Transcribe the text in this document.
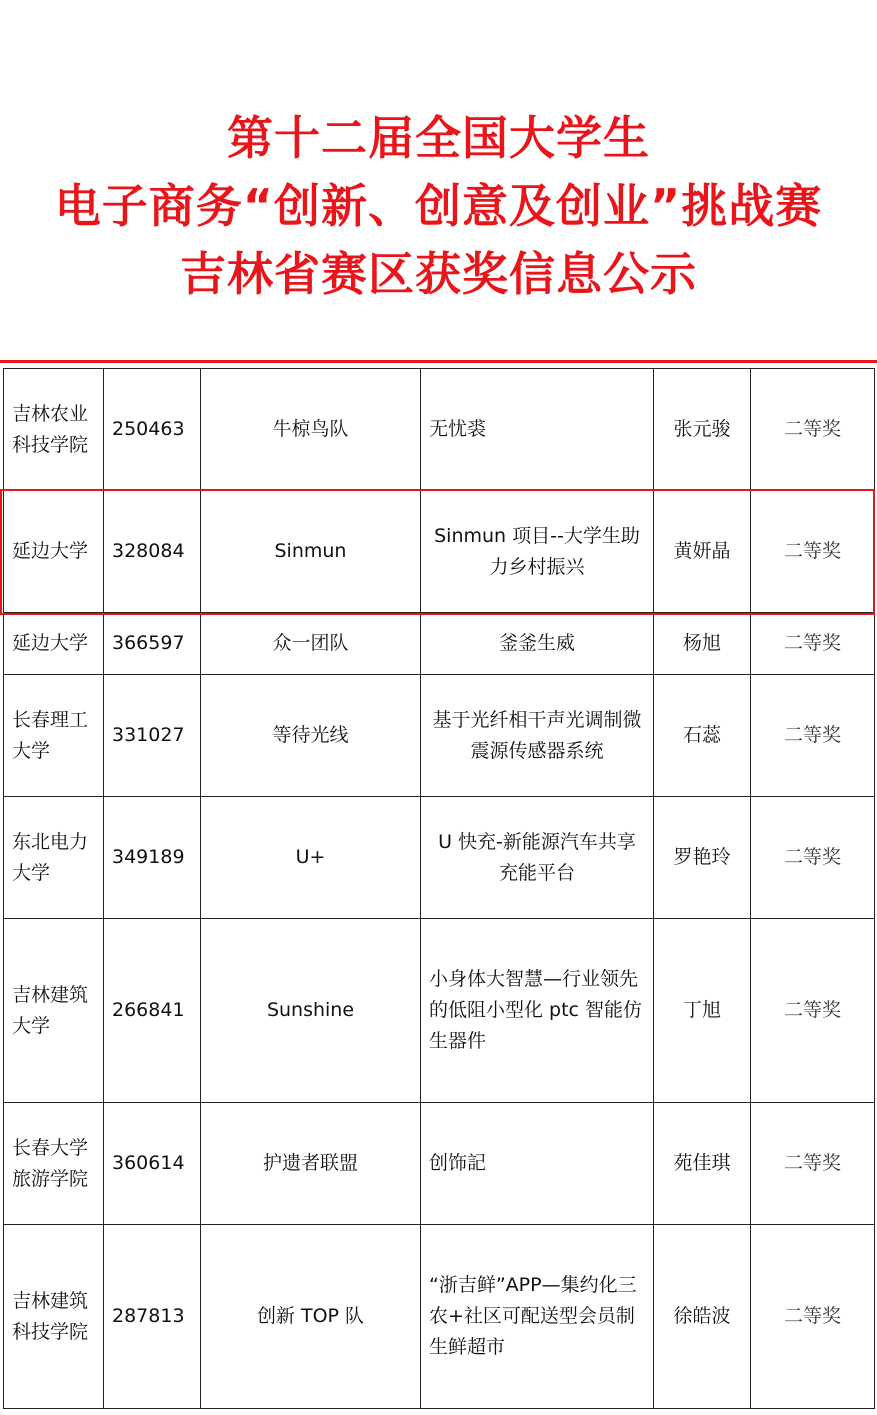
第十二届全国大学生
电子商务“创新、创意及创业”挑战赛
吉林省赛区获奖信息公示
吉林农业科技学院	250463	牛椋鸟队	无忧裘	张元骏	二等奖
延边大学	328084	Sinmun	Sinmun 项目--大学生助力乡村振兴	黄妍晶	二等奖
延边大学	366597	众一团队	釜釜生威	杨旭	二等奖
长春理工大学	331027	等待光线	基于光纤相干声光调制微震源传感器系统	石蕊	二等奖
东北电力大学	349189	U+	U 快充-新能源汽车共享充能平台	罗艳玲	二等奖
吉林建筑大学	266841	Sunshine	小身体大智慧—行业领先的低阻小型化 ptc 智能仿生器件	丁旭	二等奖
长春大学旅游学院	360614	护遗者联盟	创饰記	苑佳琪	二等奖
吉林建筑科技学院	287813	创新 TOP 队	“浙吉鲜”APP—集约化三农+社区可配送型会员制生鲜超市	徐皓波	二等奖
